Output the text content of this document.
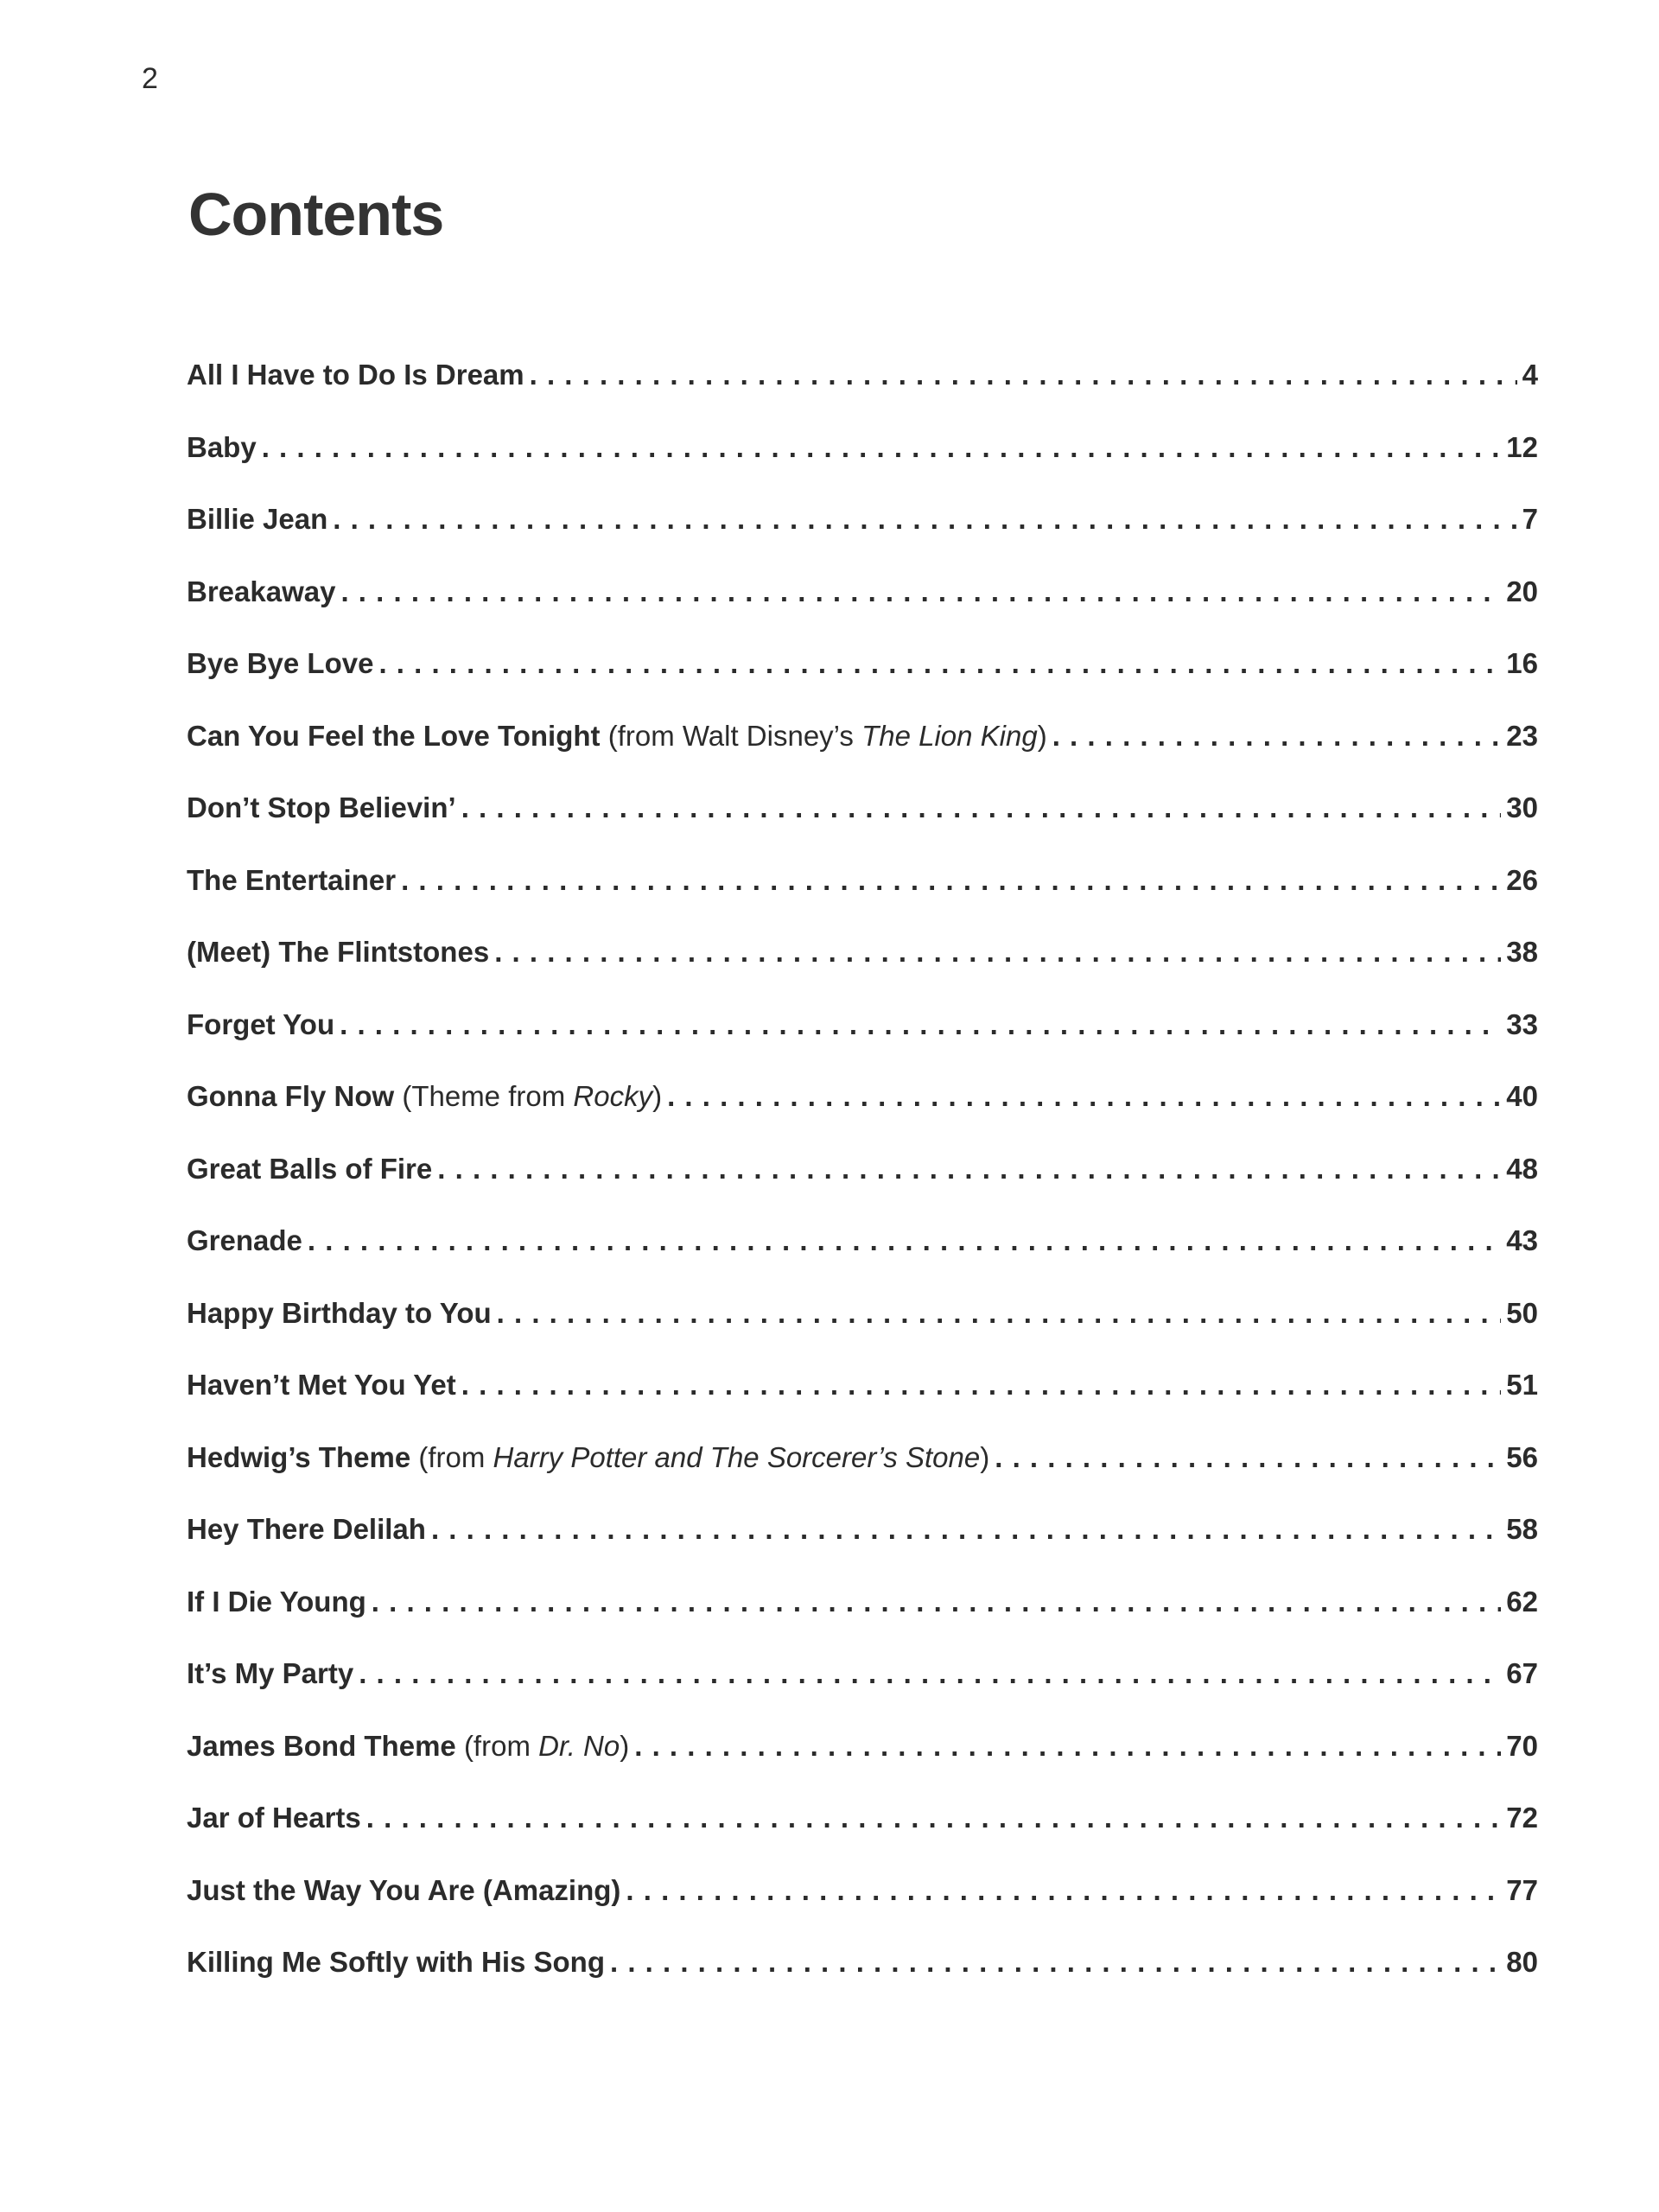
2
Contents
All I Have to Do Is Dream . . .	4
Baby . . .	12
Billie Jean . . .	7
Breakaway . . .	20
Bye Bye Love . . .	16
Can You Feel the Love Tonight (from Walt Disney’s The Lion King) . . .	23
Don’t Stop Believin’ . . .	30
The Entertainer . . .	26
(Meet) The Flintstones . . .	38
Forget You . . .	33
Gonna Fly Now (Theme from Rocky) . . .	40
Great Balls of Fire . . .	48
Grenade . . .	43
Happy Birthday to You . . .	50
Haven’t Met You Yet . . .	51
Hedwig’s Theme (from Harry Potter and The Sorcerer’s Stone) . . .	56
Hey There Delilah . . .	58
If I Die Young . . .	62
It’s My Party . . .	67
James Bond Theme (from Dr. No) . . .	70
Jar of Hearts . . .	72
Just the Way You Are (Amazing) . . .	77
Killing Me Softly with His Song . . .	80
